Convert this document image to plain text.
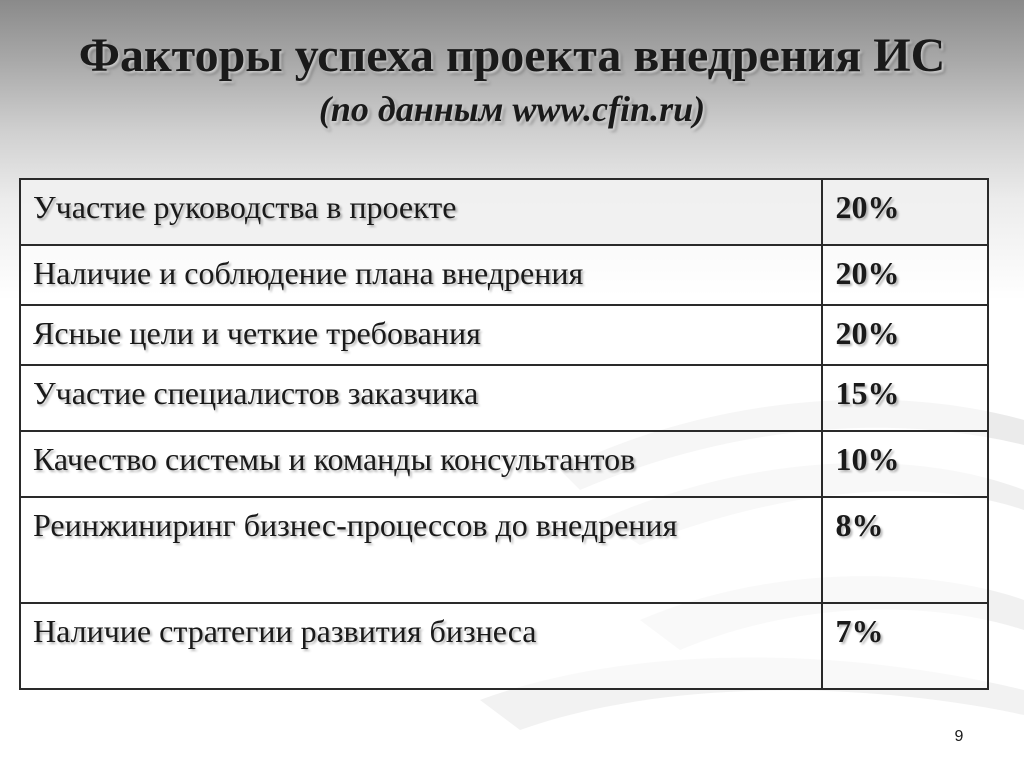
Факторы успеха проекта внедрения ИС
(по данным www.cfin.ru)
Участие руководства в проекте	20%
Наличие и соблюдение плана внедрения	20%
Ясные цели и четкие требования	20%
Участие специалистов заказчика	15%
Качество системы и команды консультантов	10%
Реинжиниринг бизнес-процессов до внедрения	8%
Наличие стратегии развития бизнеса	7%
9
